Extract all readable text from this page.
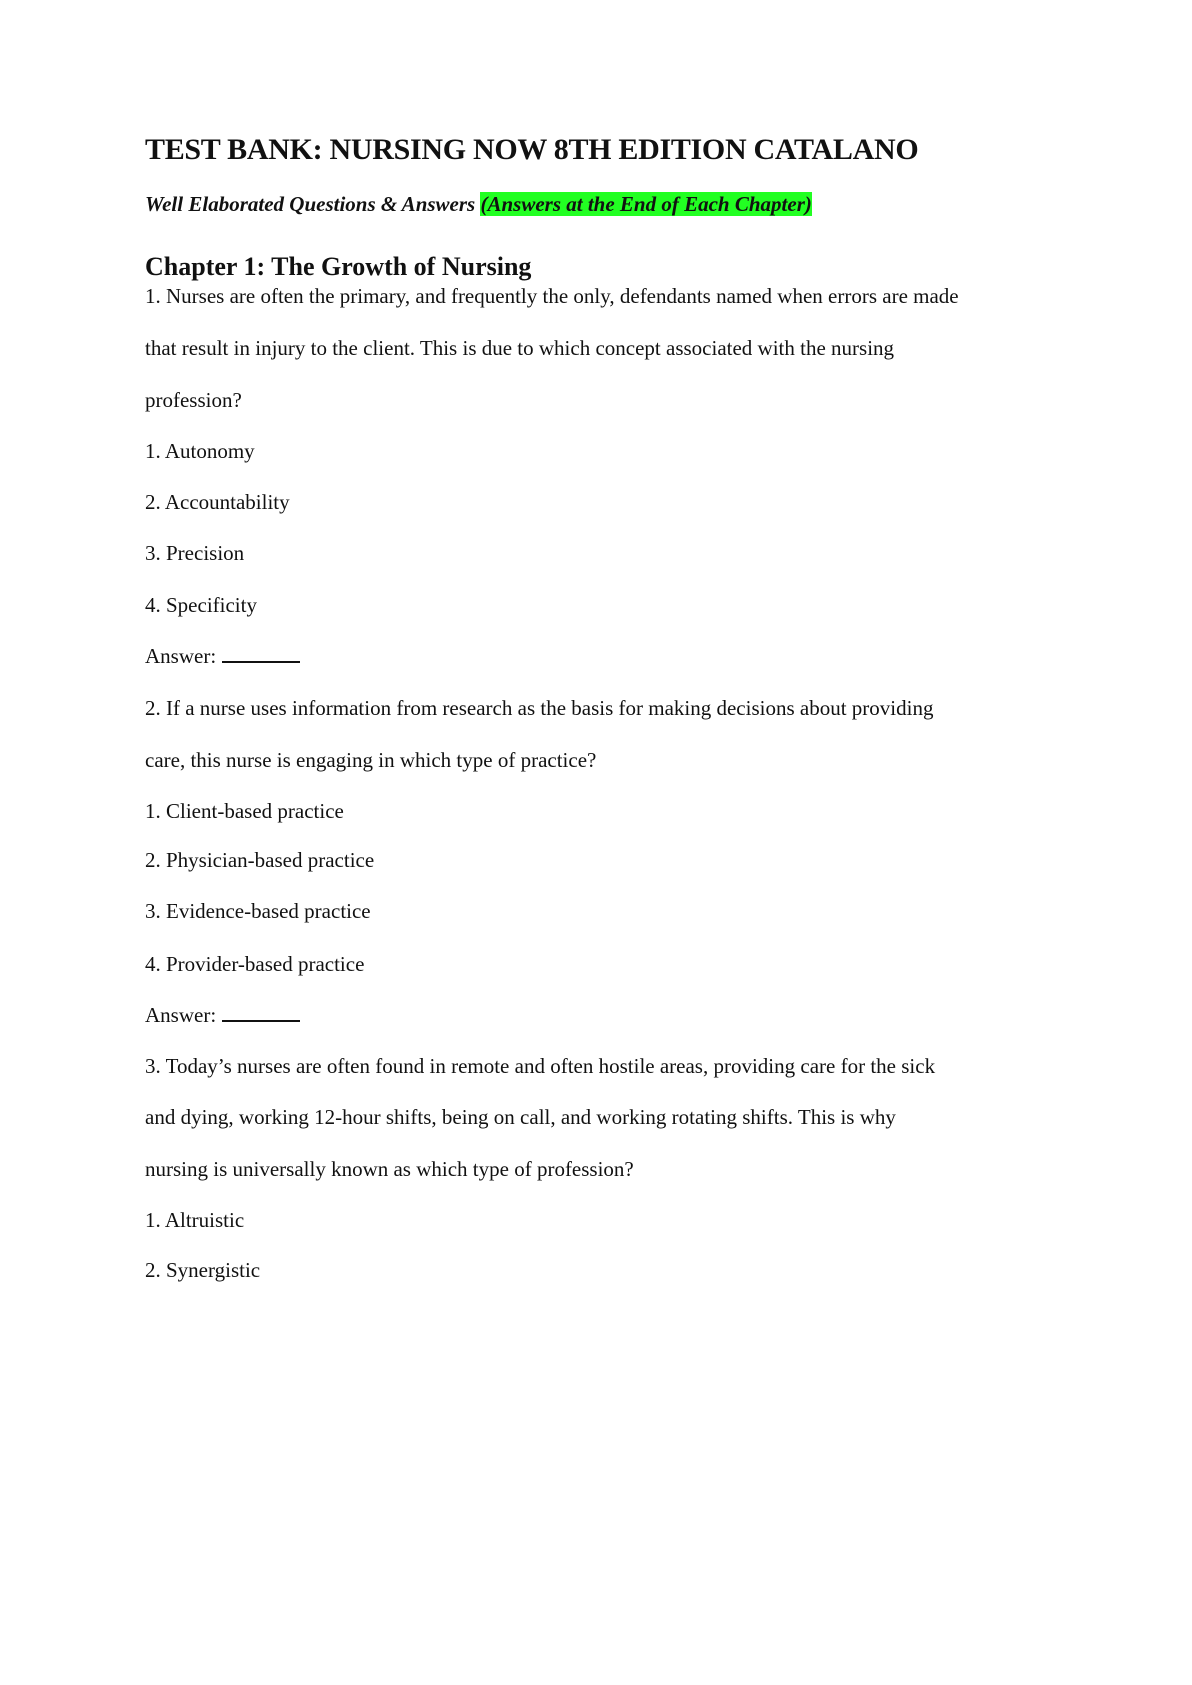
TEST BANK: NURSING NOW 8TH EDITION CATALANO

Well Elaborated Questions & Answers (Answers at the End of Each Chapter)

Chapter 1: The Growth of Nursing
1. Nurses are often the primary, and frequently the only, defendants named when errors are made
that result in injury to the client. This is due to which concept associated with the nursing
profession?
1. Autonomy
2. Accountability
3. Precision
4. Specificity
Answer:
2. If a nurse uses information from research as the basis for making decisions about providing
care, this nurse is engaging in which type of practice?
1. Client-based practice
2. Physician-based practice
3. Evidence-based practice
4. Provider-based practice
Answer:
3. Today’s nurses are often found in remote and often hostile areas, providing care for the sick
and dying, working 12-hour shifts, being on call, and working rotating shifts. This is why
nursing is universally known as which type of profession?
1. Altruistic
2. Synergistic
